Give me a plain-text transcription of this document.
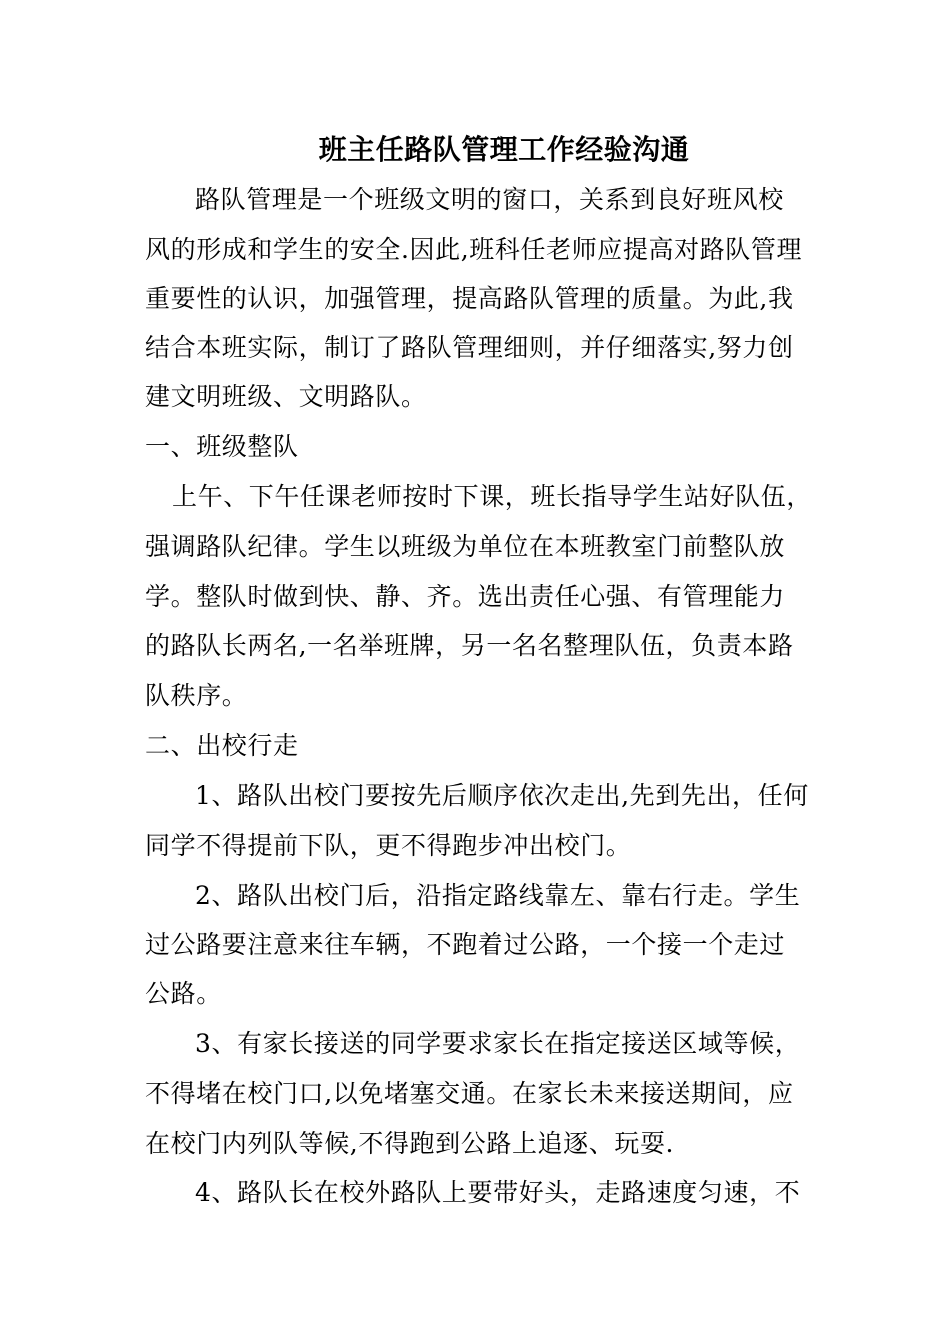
班主任路队管理工作经验沟通
路队管理是一个班级文明的窗口，关系到良好班风校
风的形成和学生的安全.因此,班科任老师应提高对路队管理
重要性的认识，加强管理，提高路队管理的质量。为此,我
结合本班实际，制订了路队管理细则，并仔细落实,努力创
建文明班级、文明路队。
一、班级整队
上午、下午任课老师按时下课，班长指导学生站好队伍，
强调路队纪律。学生以班级为单位在本班教室门前整队放
学。整队时做到快、静、齐。选出责任心强、有管理能力
的路队长两名,一名举班牌，另一名名整理队伍，负责本路
队秩序。
二、出校行走
1、路队出校门要按先后顺序依次走出,先到先出，任何
同学不得提前下队，更不得跑步冲出校门。
2、路队出校门后，沿指定路线靠左、靠右行走。学生
过公路要注意来往车辆，不跑着过公路，一个接一个走过
公路。
3、有家长接送的同学要求家长在指定接送区域等候，
不得堵在校门口,以免堵塞交通。在家长未来接送期间，应
在校门内列队等候,不得跑到公路上追逐、玩耍.
4、路队长在校外路队上要带好头，走路速度匀速，不
